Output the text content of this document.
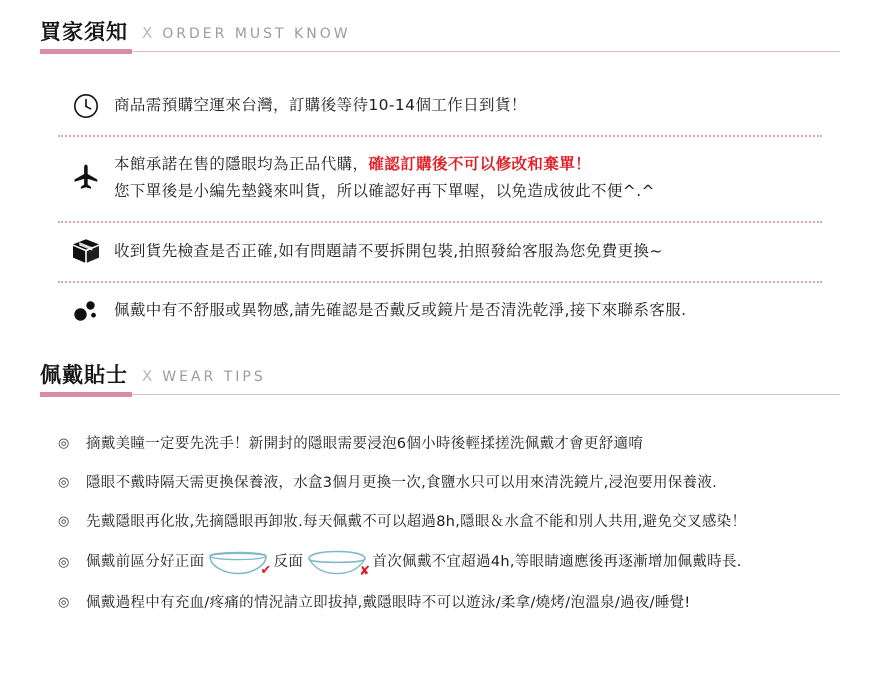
買家須知 X ORDER MUST KNOW
商品需預購空運來台灣，訂購後等待10-14個工作日到貨！
本館承諾在售的隱眼均為正品代購，確認訂購後不可以修改和棄單！
您下單後是小編先墊錢來叫貨，所以確認好再下單喔，以免造成彼此不便^.^
收到貨先檢查是否正確,如有問題請不要拆開包裝,拍照發給客服為您免費更換~
佩戴中有不舒服或異物感,請先確認是否戴反或鏡片是否清洗乾淨,接下來聯系客服.
佩戴貼士 X WEAR TIPS
◎	摘戴美瞳一定要先洗手！新開封的隱眼需要浸泡6個小時後輕揉搓洗佩戴才會更舒適唷
◎	隱眼不戴時隔天需更換保養液，水盒3個月更換一次,食鹽水只可以用來清洗鏡片,浸泡要用保養液.
◎	先戴隱眼再化妝,先摘隱眼再卸妝.每天佩戴不可以超過8h,隱眼＆水盒不能和別人共用,避免交叉感染！
◎	佩戴前區分好正面
✔
反面
✘
首次佩戴不宜超過4h,等眼睛適應後再逐漸增加佩戴時長.
◎	佩戴過程中有充血/疼痛的情況請立即拔掉,戴隱眼時不可以遊泳/柔拿/燒烤/泡溫泉/過夜/睡覺!
